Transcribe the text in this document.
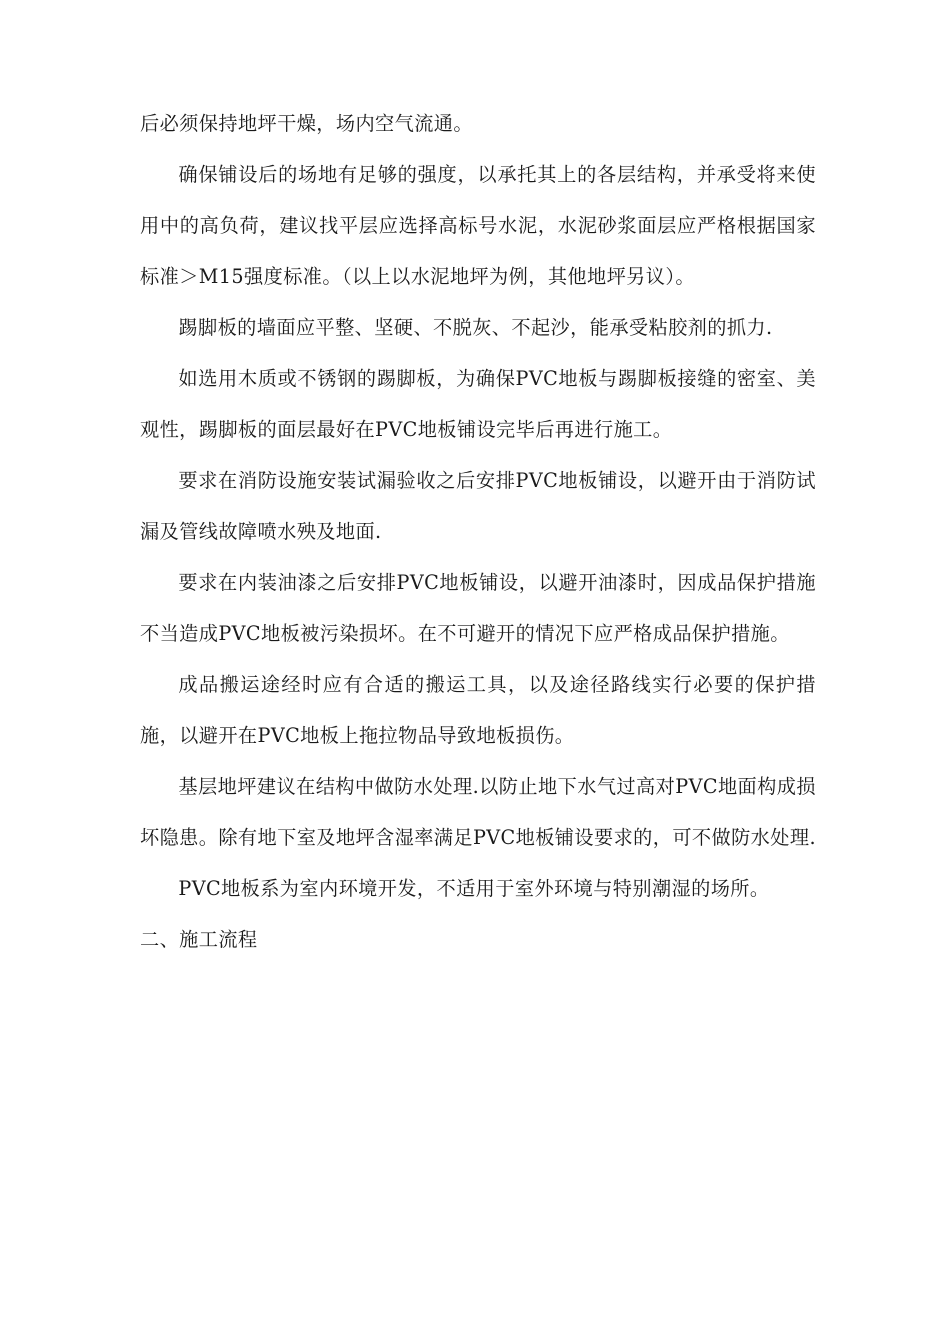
后必须保持地坪干燥，场内空气流通。

确保铺设后的场地有足够的强度，以承托其上的各层结构，并承受将来使用中的高负荷，建议找平层应选择高标号水泥，水泥砂浆面层应严格根据国家标准＞M15强度标准。（以上以水泥地坪为例，其他地坪另议）。

踢脚板的墙面应平整、坚硬、不脱灰、不起沙，能承受粘胶剂的抓力.

如选用木质或不锈钢的踢脚板，为确保PVC地板与踢脚板接缝的密室、美观性，踢脚板的面层最好在PVC地板铺设完毕后再进行施工。

要求在消防设施安装试漏验收之后安排PVC地板铺设，以避开由于消防试漏及管线故障喷水殃及地面.

要求在内装油漆之后安排PVC地板铺设，以避开油漆时，因成品保护措施不当造成PVC地板被污染损坏。在不可避开的情况下应严格成品保护措施。

成品搬运途经时应有合适的搬运工具，以及途径路线实行必要的保护措施，以避开在PVC地板上拖拉物品导致地板损伤。

基层地坪建议在结构中做防水处理.以防止地下水气过高对PVC地面构成损坏隐患。除有地下室及地坪含湿率满足PVC地板铺设要求的，可不做防水处理.

PVC地板系为室内环境开发，不适用于室外环境与特别潮湿的场所。

二、施工流程
